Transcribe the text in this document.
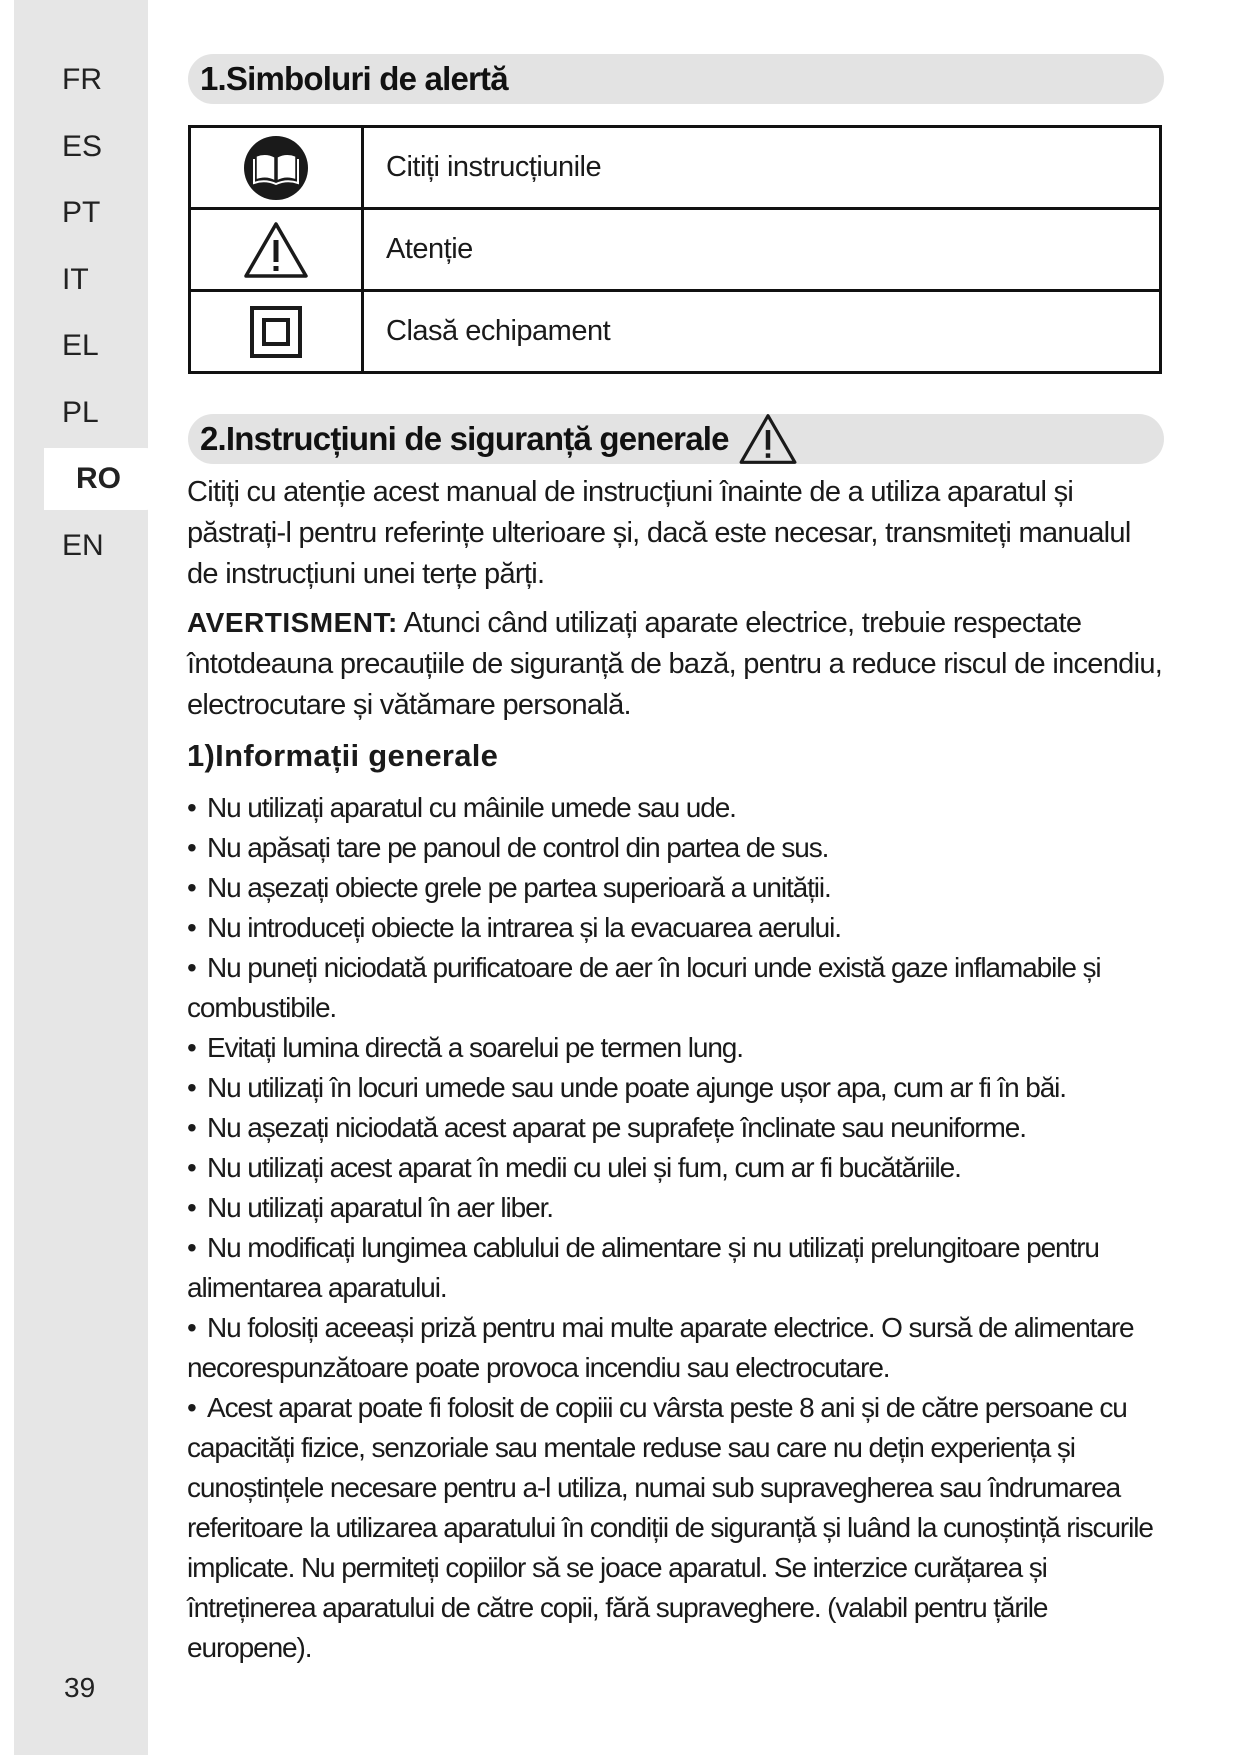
FR
ES
PT
IT
EL
PL
RO
EN
39
1.Simboluri de alertă
	Citiți instrucțiunile
	Atenție
	Clasă echipament
2.Instrucțiuni de siguranță generale

Citiți cu atenție acest manual de instrucțiuni înainte de a utiliza aparatul și păstrați-l pentru referințe ulterioare și, dacă este necesar, transmiteți manualul de instrucțiuni unei terțe părți.

AVERTISMENT: Atunci când utilizați aparate electrice, trebuie respectate întotdeauna precauțiile de siguranță de bază, pentru a reduce riscul de incendiu, electrocutare și vătămare personală.

1)Informații generale
• Nu utilizați aparatul cu mâinile umede sau ude.
• Nu apăsați tare pe panoul de control din partea de sus.
• Nu așezați obiecte grele pe partea superioară a unității.
• Nu introduceți obiecte la intrarea și la evacuarea aerului.
• Nu puneți niciodată purificatoare de aer în locuri unde există gaze inflamabile și combustibile.
• Evitați lumina directă a soarelui pe termen lung.
• Nu utilizați în locuri umede sau unde poate ajunge ușor apa, cum ar fi în băi.
• Nu așezați niciodată acest aparat pe suprafețe înclinate sau neuniforme.
• Nu utilizați acest aparat în medii cu ulei și fum, cum ar fi bucătăriile.
• Nu utilizați aparatul în aer liber.
• Nu modificați lungimea cablului de alimentare și nu utilizați prelungitoare pentru alimentarea aparatului.
• Nu folosiți aceeași priză pentru mai multe aparate electrice. O sursă de alimentare necorespunzătoare poate provoca incendiu sau electrocutare.
• Acest aparat poate fi folosit de copiii cu vârsta peste 8 ani și de către persoane cu capacități fizice, senzoriale sau mentale reduse sau care nu dețin experiența și cunoștințele necesare pentru a-l utiliza, numai sub supravegherea sau îndrumarea referitoare la utilizarea aparatului în condiții de siguranță și luând la cunoștință riscurile implicate. Nu permiteți copiilor să se joace aparatul. Se interzice curățarea și întreținerea aparatului de către copii, fără supraveghere. (valabil pentru țările europene).
